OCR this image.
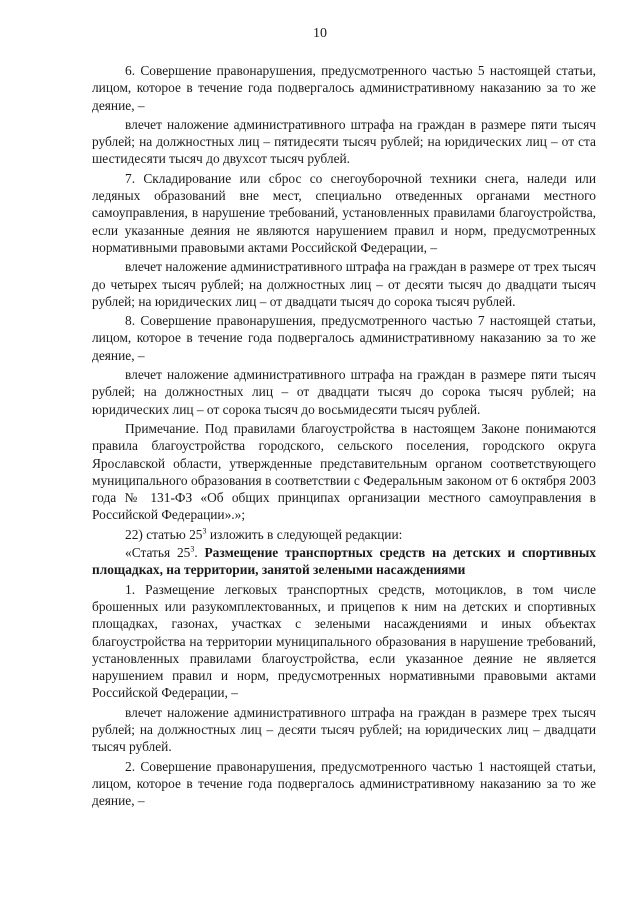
10

6. Совершение правонарушения, предусмотренного частью 5 настоящей статьи, лицом, которое в течение года подвергалось административному наказанию за то же деяние, –

влечет наложение административного штрафа на граждан в размере пяти тысяч рублей; на должностных лиц – пятидесяти тысяч рублей; на юридических лиц – от ста шестидесяти тысяч до двухсот тысяч рублей.

7. Складирование или сброс со снегоуборочной техники снега, наледи или ледяных образований вне мест, специально отведенных органами местного самоуправления, в нарушение требований, установленных правилами благоустройства, если указанные деяния не являются нарушением правил и норм, предусмотренных нормативными правовыми актами Российской Федерации, –

влечет наложение административного штрафа на граждан в размере от трех тысяч до четырех тысяч рублей; на должностных лиц – от десяти тысяч до двадцати тысяч рублей; на юридических лиц – от двадцати тысяч до сорока тысяч рублей.

8. Совершение правонарушения, предусмотренного частью 7 настоящей статьи, лицом, которое в течение года подвергалось административному наказанию за то же деяние, –

влечет наложение административного штрафа на граждан в размере пяти тысяч рублей; на должностных лиц – от двадцати тысяч до сорока тысяч рублей; на юридических лиц – от сорока тысяч до восьмидесяти тысяч рублей.

Примечание. Под правилами благоустройства в настоящем Законе понимаются правила благоустройства городского, сельского поселения, городского округа Ярославской области, утвержденные представительным органом соответствующего муниципального образования в соответствии с Федеральным законом от 6 октября 2003 года № 131-ФЗ «Об общих принципах организации местного самоуправления в Российской Федерации».»;

22) статью $25^3$ изложить в следующей редакции:

«Статья $25^3$. Размещение транспортных средств на детских и спортивных площадках, на территории, занятой зелеными насаждениями

1. Размещение легковых транспортных средств, мотоциклов, в том числе брошенных или разукомплектованных, и прицепов к ним на детских и спортивных площадках, газонах, участках с зелеными насаждениями и иных объектах благоустройства на территории муниципального образования в нарушение требований, установленных правилами благоустройства, если указанное деяние не является нарушением правил и норм, предусмотренных нормативными правовыми актами Российской Федерации, –

влечет наложение административного штрафа на граждан в размере трех тысяч рублей; на должностных лиц – десяти тысяч рублей; на юридических лиц – двадцати тысяч рублей.

2. Совершение правонарушения, предусмотренного частью 1 настоящей статьи, лицом, которое в течение года подвергалось административному наказанию за то же деяние, –
